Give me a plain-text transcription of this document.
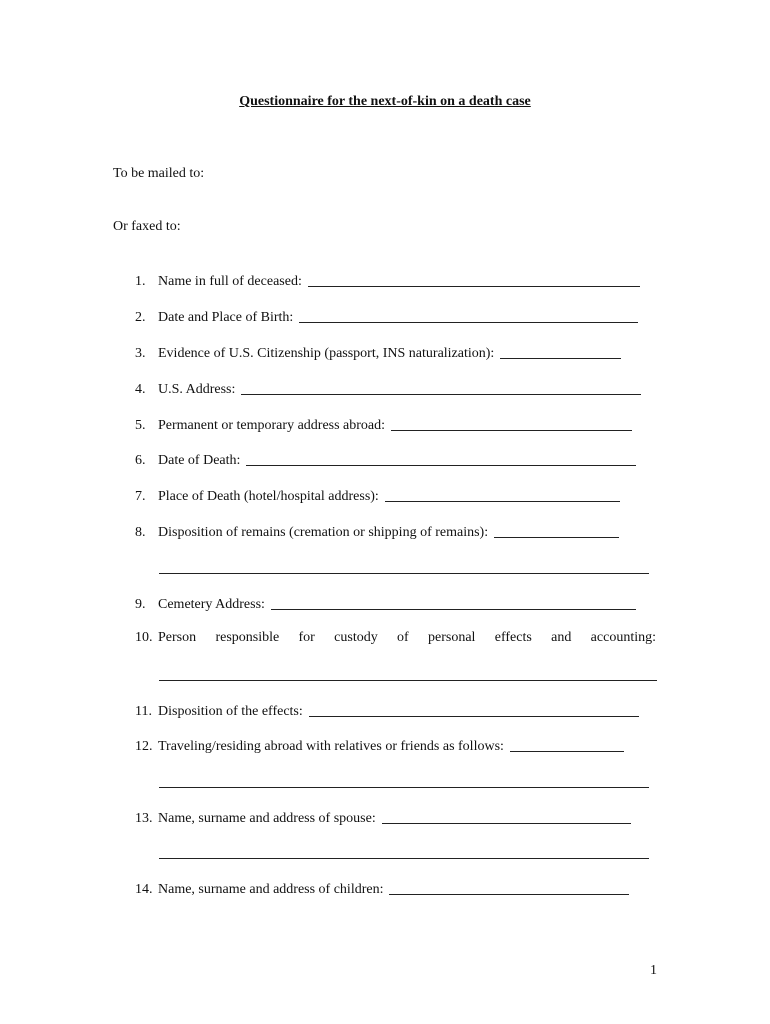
Questionnaire for the next-of-kin on a death case
To be mailed to:
Or faxed to:
1. Name in full of deceased:
2. Date and Place of Birth:
3. Evidence of U.S. Citizenship (passport, INS naturalization):
4. U.S. Address:
5. Permanent or temporary address abroad:
6. Date of Death:
7. Place of Death (hotel/hospital address):
8. Disposition of remains (cremation or shipping of remains):
9. Cemetery Address:
10. Person responsible for custody of personal effects and accounting:
11. Disposition of the effects:
12. Traveling/residing abroad with relatives or friends as follows:
13. Name, surname and address of spouse:
14. Name, surname and address of children:
1
